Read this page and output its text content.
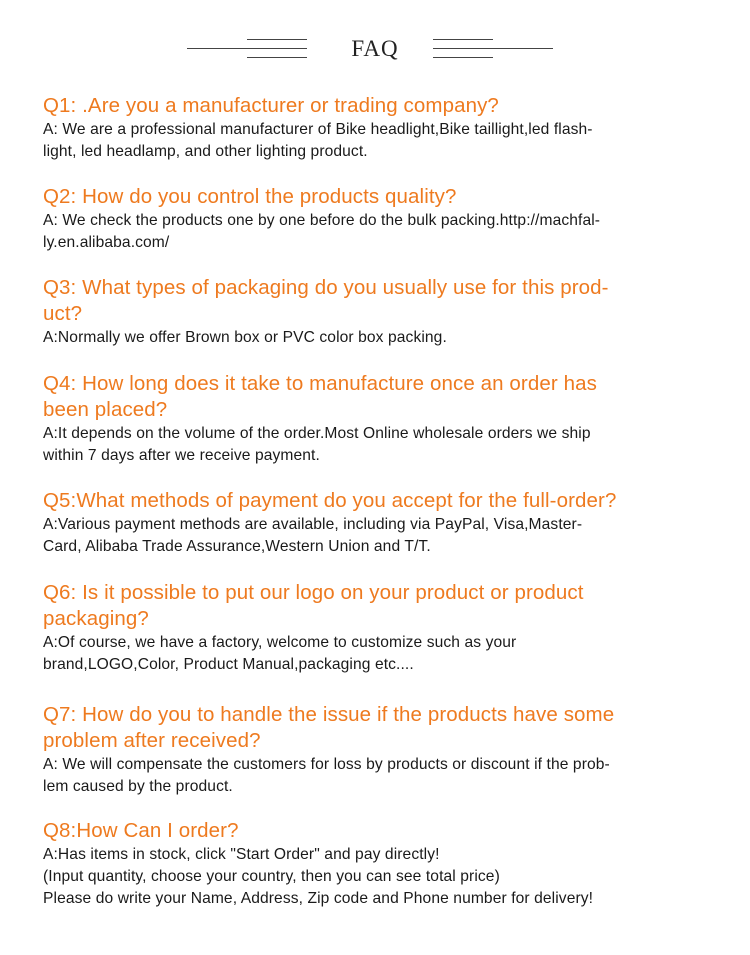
FAQ
Q1: .Are you a manufacturer or trading company?
A: We are a professional manufacturer of Bike headlight,Bike taillight,led flash-
light, led headlamp, and other lighting product.
Q2: How do you control the products quality?
A: We check the products one by one before do the bulk packing.http://machfal-
ly.en.alibaba.com/
Q3: What types of packaging do you usually use for this prod-
uct?
A:Normally we offer Brown box or PVC color box packing.
Q4: How long does it take to manufacture once an order has
been placed?
A:It depends on the volume of the order.Most Online wholesale orders we ship
within 7 days after we receive payment.
Q5:What methods of payment do you accept for the full-order?
A:Various payment methods are available, including via PayPal, Visa,Master-
Card, Alibaba Trade Assurance,Western Union and T/T.
Q6: Is it possible to put our logo on your product or product
packaging?
A:Of course, we have a factory, welcome to customize such as your
brand,LOGO,Color, Product Manual,packaging etc....
Q7: How do you to handle the issue if the products have some
problem after received?
A: We will compensate the customers for loss by products or discount if the prob-
lem caused by the product.
Q8:How Can I order?
A:Has items in stock, click "Start Order" and pay directly!
(Input quantity, choose your country, then you can see total price)
Please do write your Name, Address, Zip code and Phone number for delivery!
